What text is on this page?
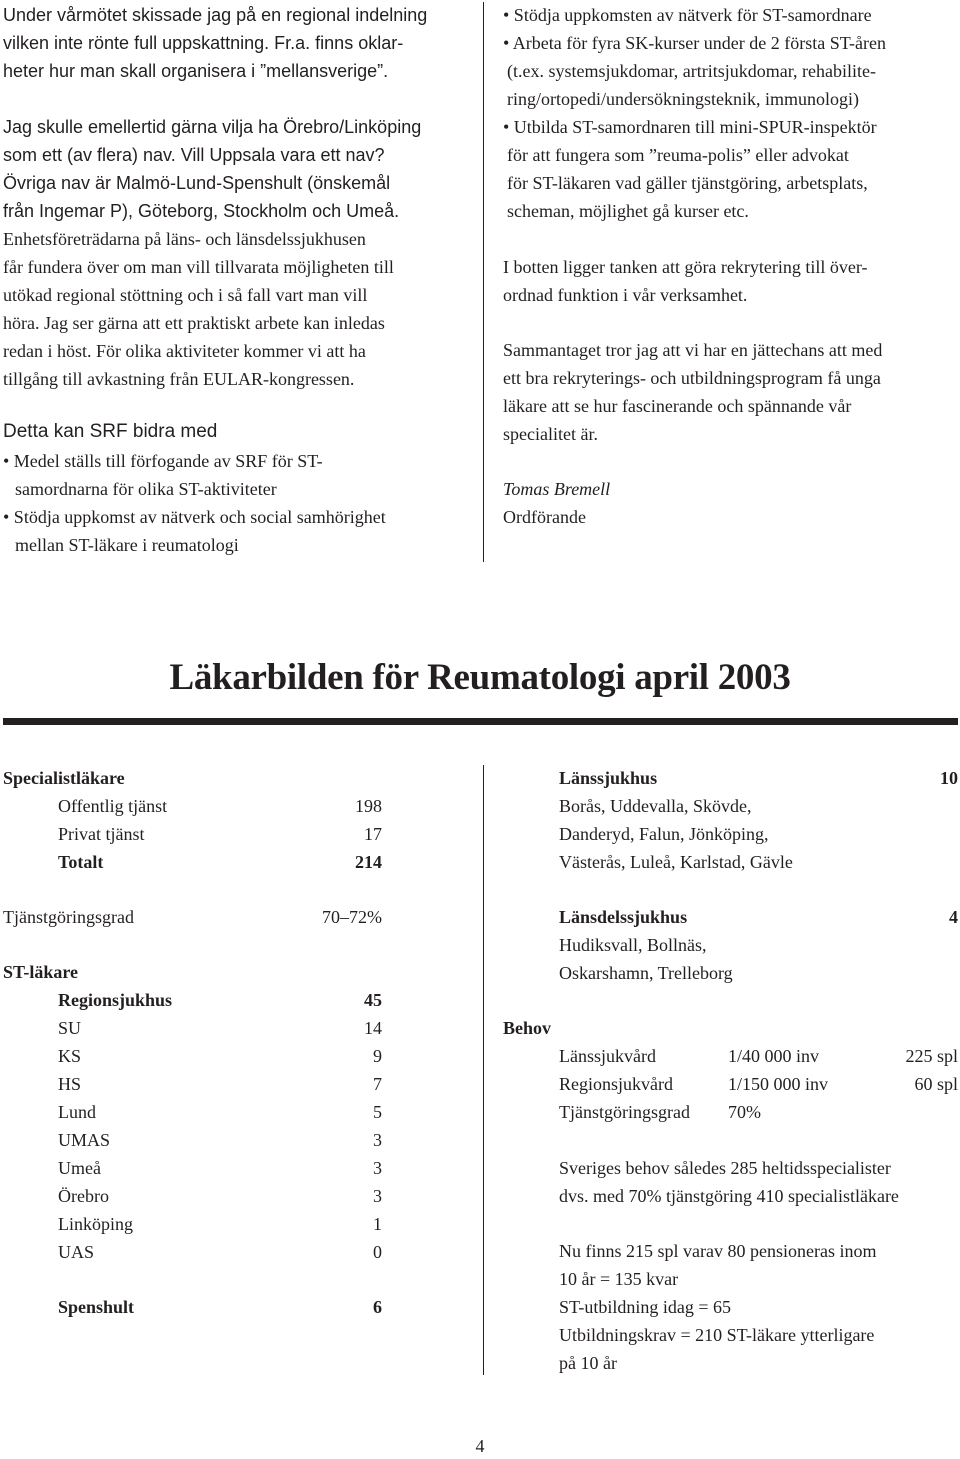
Under vårmötet skissade jag på en regional indelning

vilken inte rönte full uppskattning. Fr.a. finns oklar-

heter hur man skall organisera i ”mellansverige”.

Jag skulle emellertid gärna vilja ha Örebro/Linköping

som ett (av flera) nav. Vill Uppsala vara ett nav?

Övriga nav är Malmö-Lund-Spenshult (önskemål

från Ingemar P), Göteborg, Stockholm och Umeå.

Enhetsföreträdarna på läns- och länsdelssjukhusen

får fundera över om man vill tillvarata möjligheten till

utökad regional stöttning och i så fall vart man vill

höra. Jag ser gärna att ett praktiskt arbete kan inledas

redan i höst. För olika aktiviteter kommer vi att ha

tillgång till avkastning från EULAR-kongressen.

Detta kan SRF bidra med

• Medel ställs till förfogande av SRF för ST-

samordnarna för olika ST-aktiviteter

• Stödja uppkomst av nätverk och social samhörighet

mellan ST-läkare i reumatologi

• Stödja uppkomsten av nätverk för ST-samordnare

• Arbeta för fyra SK-kurser under de 2 första ST-åren

(t.ex. systemsjukdomar, artritsjukdomar, rehabilite-

ring/ortopedi/undersökningsteknik, immunologi)

• Utbilda ST-samordnaren till mini-SPUR-inspektör

för att fungera som ”reuma-polis” eller advokat

för ST-läkaren vad gäller tjänstgöring, arbetsplats,

scheman, möjlighet gå kurser etc.

I botten ligger tanken att göra rekrytering till över-

ordnad funktion i vår verksamhet.

Sammantaget tror jag att vi har en jättechans att med

ett bra rekryterings- och utbildningsprogram få unga

läkare att se hur fascinerande och spännande vår

specialitet är.

Tomas Bremell

Ordförande

Läkarbilden för Reumatologi april 2003
Specialistläkare
Offentlig tjänst	198
Privat tjänst	17
Totalt	214
Tjänstgöringsgrad	70–72%
ST-läkare
Regionsjukhus	45
SU	14
KS	9
HS	7
Lund	5
UMAS	3
Umeå	3
Örebro	3
Linköping	1
UAS	0
Spenshult	6
Länssjukhus	10
Borås, Uddevalla, Skövde,
Danderyd, Falun, Jönköping,
Västerås, Luleå, Karlstad, Gävle
Länsdelssjukhus	4
Hudiksvall, Bollnäs,
Oskarshamn, Trelleborg
Behov
Länssjukvård	1/40 000 inv	225 spl
Regionsjukvård	1/150 000 inv	60 spl
Tjänstgöringsgrad 70%
Sveriges behov således 285 heltidsspecialister
dvs. med 70% tjänstgöring 410 specialistläkare
Nu finns 215 spl varav 80 pensioneras inom
10 år = 135 kvar
ST-utbildning idag = 65
Utbildningskrav = 210 ST-läkare ytterligare
på 10 år
4
